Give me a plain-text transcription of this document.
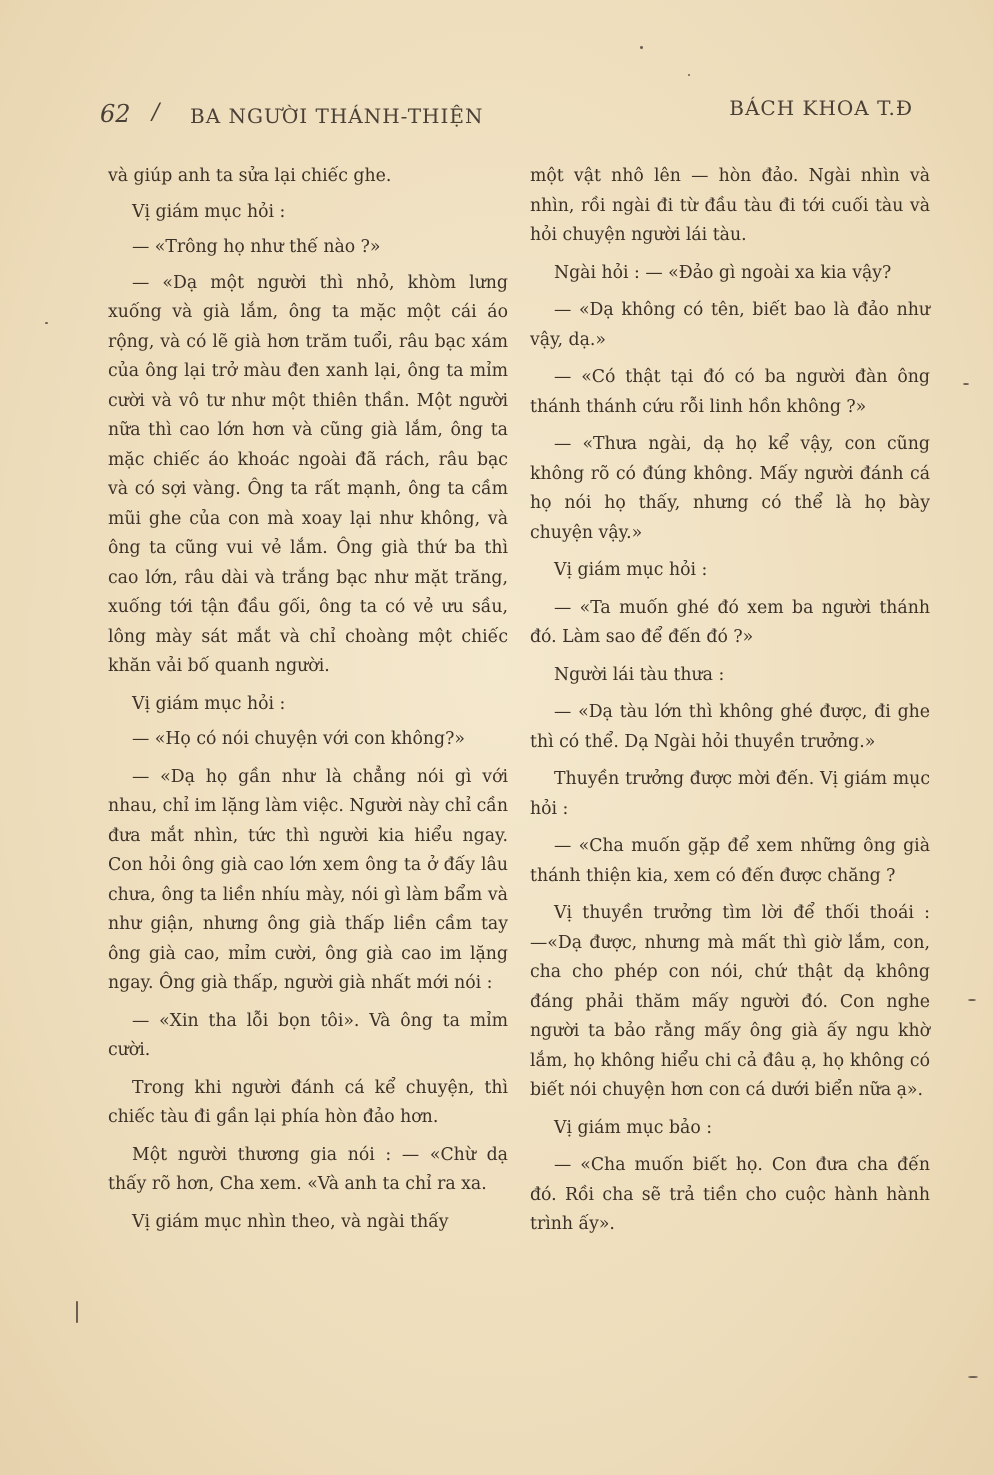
62 / BA NGƯỜI THÁNH-THIỆN	BÁCH KHOA T.Đ

và giúp anh ta sửa lại chiếc ghe.

Vị giám mục hỏi :

— «Trông họ như thế nào ?»

— «Dạ một người thì nhỏ, khòm lưng xuống và già lắm, ông ta mặc một cái áo rộng, và có lẽ già hơn trăm tuổi, râu bạc xám của ông lại trở màu đen xanh lại, ông ta mỉm cười và vô tư như một thiên thần. Một người nữa thì cao lớn hơn và cũng già lắm, ông ta mặc chiếc áo khoác ngoài đã rách, râu bạc và có sợi vàng. Ông ta rất mạnh, ông ta cầm mũi ghe của con mà xoay lại như không, và ông ta cũng vui vẻ lắm. Ông già thứ ba thì cao lớn, râu dài và trắng bạc như mặt trăng, xuống tới tận đầu gối, ông ta có vẻ ưu sầu, lông mày sát mắt và chỉ choàng một chiếc khăn vải bố quanh người.

Vị giám mục hỏi :

— «Họ có nói chuyện với con không?»

— «Dạ họ gần như là chẳng nói gì với nhau, chỉ im lặng làm việc. Người này chỉ cần đưa mắt nhìn, tức thì người kia hiểu ngay. Con hỏi ông già cao lớn xem ông ta ở đấy lâu chưa, ông ta liền nhíu mày, nói gì làm bẩm và như giận, nhưng ông già thấp liền cầm tay ông già cao, mỉm cười, ông già cao im lặng ngay. Ông già thấp, người già nhất mới nói :

— «Xin tha lỗi bọn tôi». Và ông ta mỉm cười.

Trong khi người đánh cá kể chuyện, thì chiếc tàu đi gần lại phía hòn đảo hơn.

Một người thương gia nói : — «Chừ dạ thấy rõ hơn, Cha xem. «Và anh ta chỉ ra xa.

Vị giám mục nhìn theo, và ngài thấy

một vật nhô lên — hòn đảo. Ngài nhìn và nhìn, rồi ngài đi từ đầu tàu đi tới cuối tàu và hỏi chuyện người lái tàu.

Ngài hỏi : — «Đảo gì ngoài xa kia vậy?

— «Dạ không có tên, biết bao là đảo như vậy, dạ.»

— «Có thật tại đó có ba người đàn ông thánh thánh cứu rỗi linh hồn không ?»

— «Thưa ngài, dạ họ kể vậy, con cũng không rõ có đúng không. Mấy người đánh cá họ nói họ thấy, nhưng có thể là họ bày chuyện vậy.»

Vị giám mục hỏi :

— «Ta muốn ghé đó xem ba người thánh đó. Làm sao để đến đó ?»

Người lái tàu thưa :

— «Dạ tàu lớn thì không ghé được, đi ghe thì có thể. Dạ Ngài hỏi thuyền trưởng.»

Thuyền trưởng được mời đến. Vị giám mục hỏi :

— «Cha muốn gặp để xem những ông già thánh thiện kia, xem có đến được chăng ?

Vị thuyền trưởng tìm lời để thối thoái : —«Dạ được, nhưng mà mất thì giờ lắm, con, cha cho phép con nói, chứ thật dạ không đáng phải thăm mấy người đó. Con nghe người ta bảo rằng mấy ông già ấy ngu khờ lắm, họ không hiểu chi cả đâu ạ, họ không có biết nói chuyện hơn con cá dưới biển nữa ạ».

Vị giám mục bảo :

— «Cha muốn biết họ. Con đưa cha đến đó. Rồi cha sẽ trả tiền cho cuộc hành hành trình ấy».
